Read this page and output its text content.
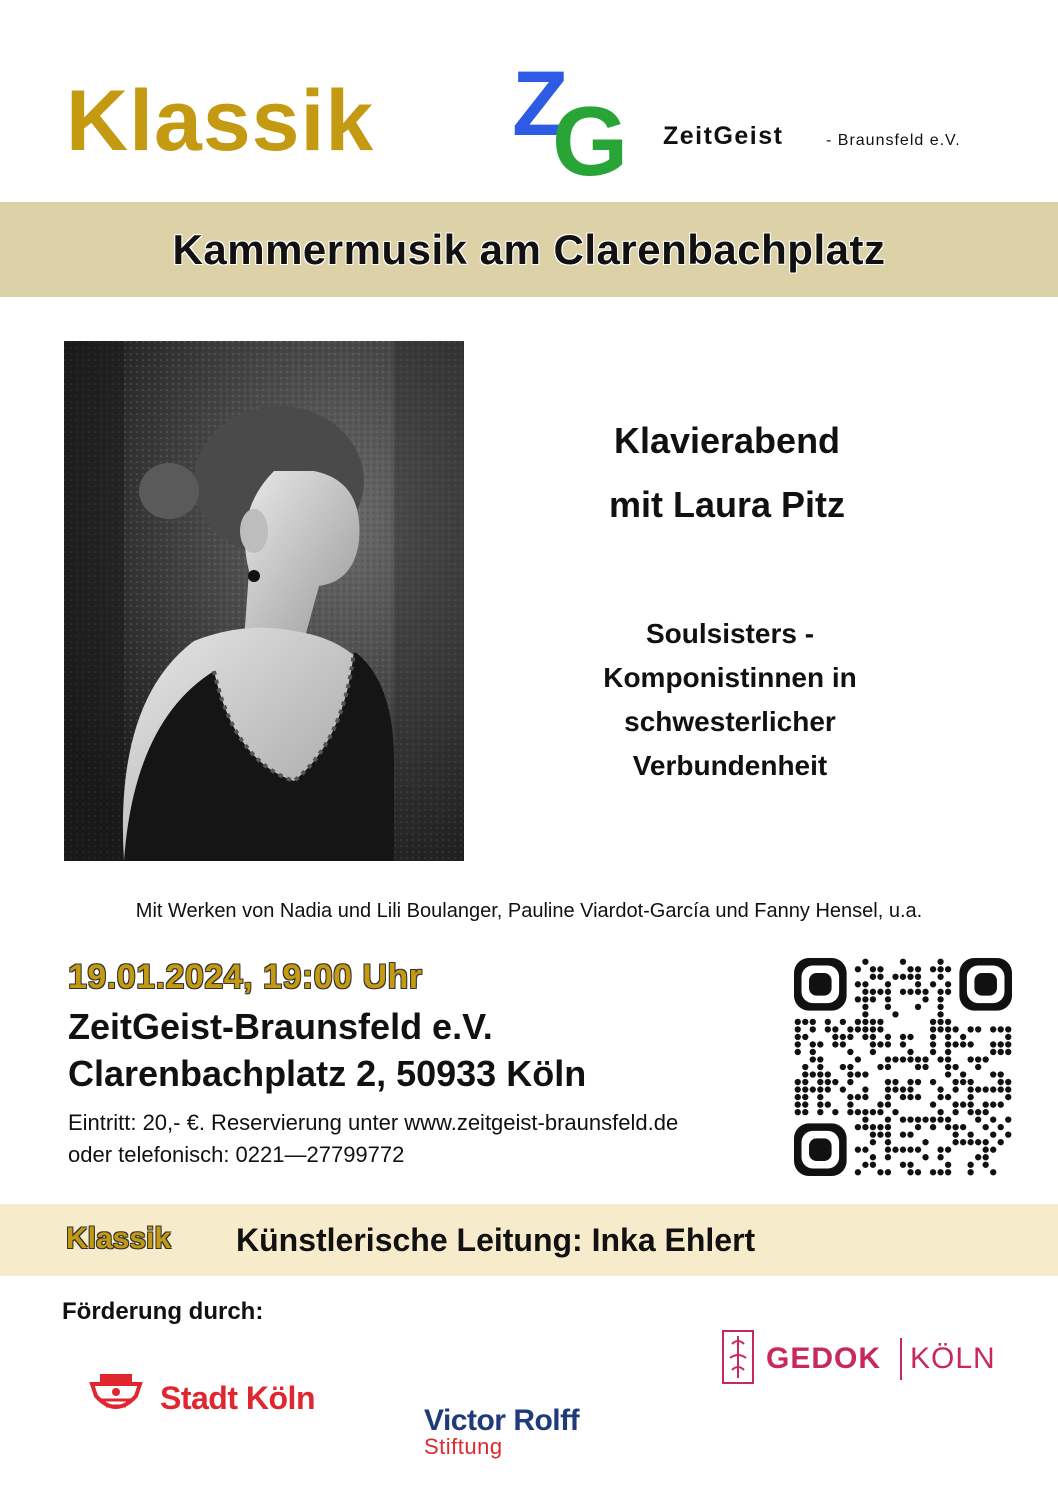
Klassik Z
G ZeitGeist	- Braunsfeld e.V.
Kammermusik am Clarenbachplatz
Klavierabend
mit Laura Pitz
Soulsisters -
Komponistinnen in
schwesterlicher
Verbundenheit
Mit Werken von Nadia und Lili Boulanger, Pauline Viardot-García und Fanny Hensel, u.a.
19.01.2024, 19:00 Uhr
ZeitGeist-Braunsfeld e.V.
Clarenbachplatz 2, 50933 Köln
Eintritt: 20,- €. Reservierung unter www.zeitgeist-braunsfeld.de
oder telefonisch: 0221—27799772
Klassik Künstlerische Leitung: Inka Ehlert
Förderung durch:
Stadt Köln
Victor Rolff
Stiftung
GEDOK KÖLN
